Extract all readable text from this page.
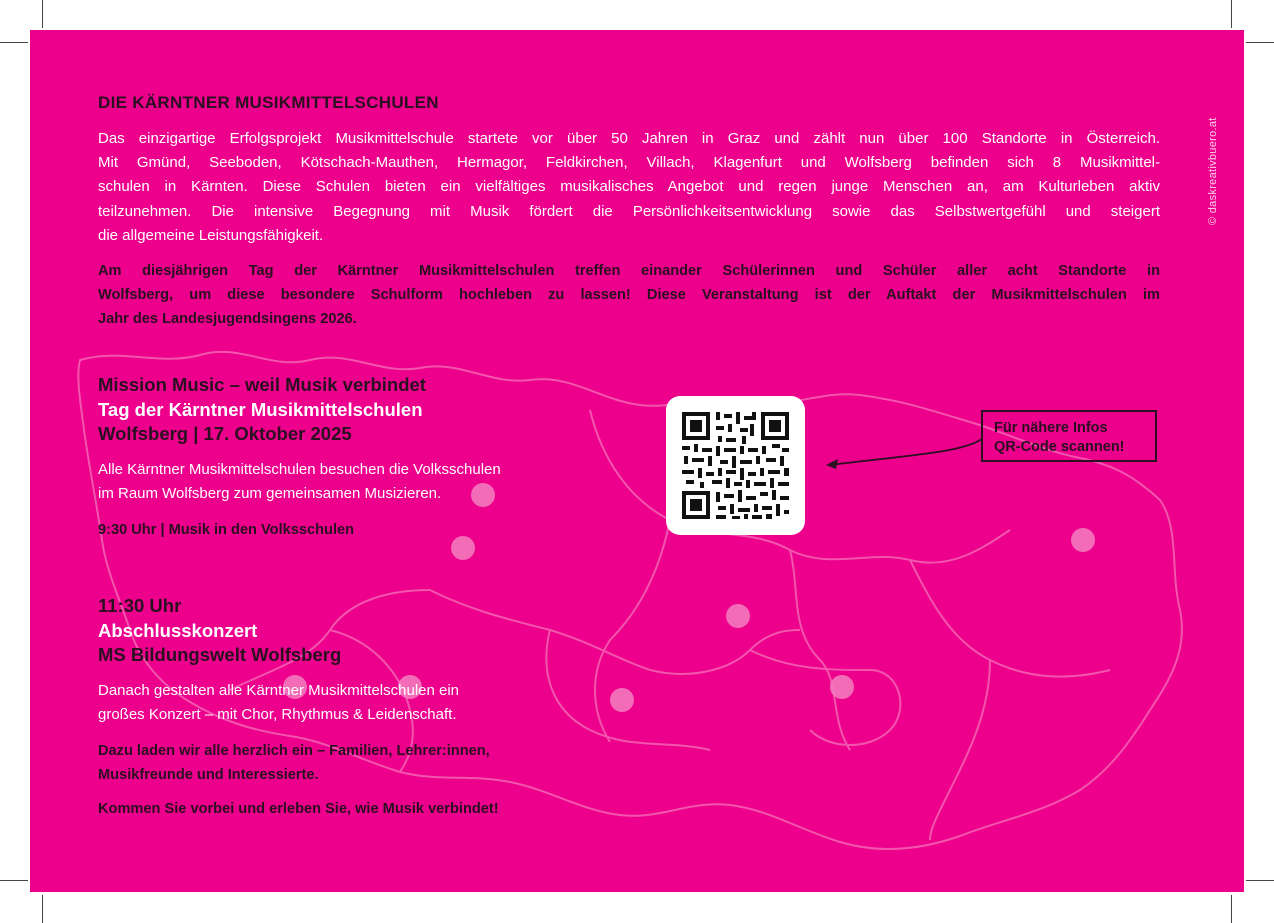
© daskreativbuero.at
DIE KÄRNTNER MUSIKMITTELSCHULEN
Das einzigartige Erfolgsprojekt Musikmittelschule startete vor über 50 Jahren in Graz und zählt nun über 100 Standorte in Österreich.
Mit Gmünd, Seeboden, Kötschach-Mauthen, Hermagor, Feldkirchen, Villach, Klagenfurt und Wolfsberg befinden sich 8 Musikmittel-
schulen in Kärnten. Diese Schulen bieten ein vielfältiges musikalisches Angebot und regen junge Menschen an, am Kulturleben aktiv
teilzunehmen. Die intensive Begegnung mit Musik fördert die Persönlichkeitsentwicklung sowie das Selbstwertgefühl und steigert
die allgemeine Leistungsfähigkeit.
Am diesjährigen Tag der Kärntner Musikmittelschulen treffen einander Schülerinnen und Schüler aller acht Standorte in
Wolfsberg, um diese besondere Schulform hochleben zu lassen! Diese Veranstaltung ist der Auftakt der Musikmittelschulen im
Jahr des Landesjugendsingens 2026.
Mission Music – weil Musik verbindet
Tag der Kärntner Musikmittelschulen
Wolfsberg | 17. Oktober 2025
Alle Kärntner Musikmittelschulen besuchen die Volksschulen
im Raum Wolfsberg zum gemeinsamen Musizieren.
9:30 Uhr | Musik in den Volksschulen
11:30 Uhr
Abschlusskonzert
MS Bildungswelt Wolfsberg
Danach gestalten alle Kärntner Musikmittelschulen ein
großes Konzert – mit Chor, Rhythmus & Leidenschaft.
Dazu laden wir alle herzlich ein – Familien, Lehrer:innen,
Musikfreunde und Interessierte.
Kommen Sie vorbei und erleben Sie, wie Musik verbindet!
Für nähere Infos
QR-Code scannen!
